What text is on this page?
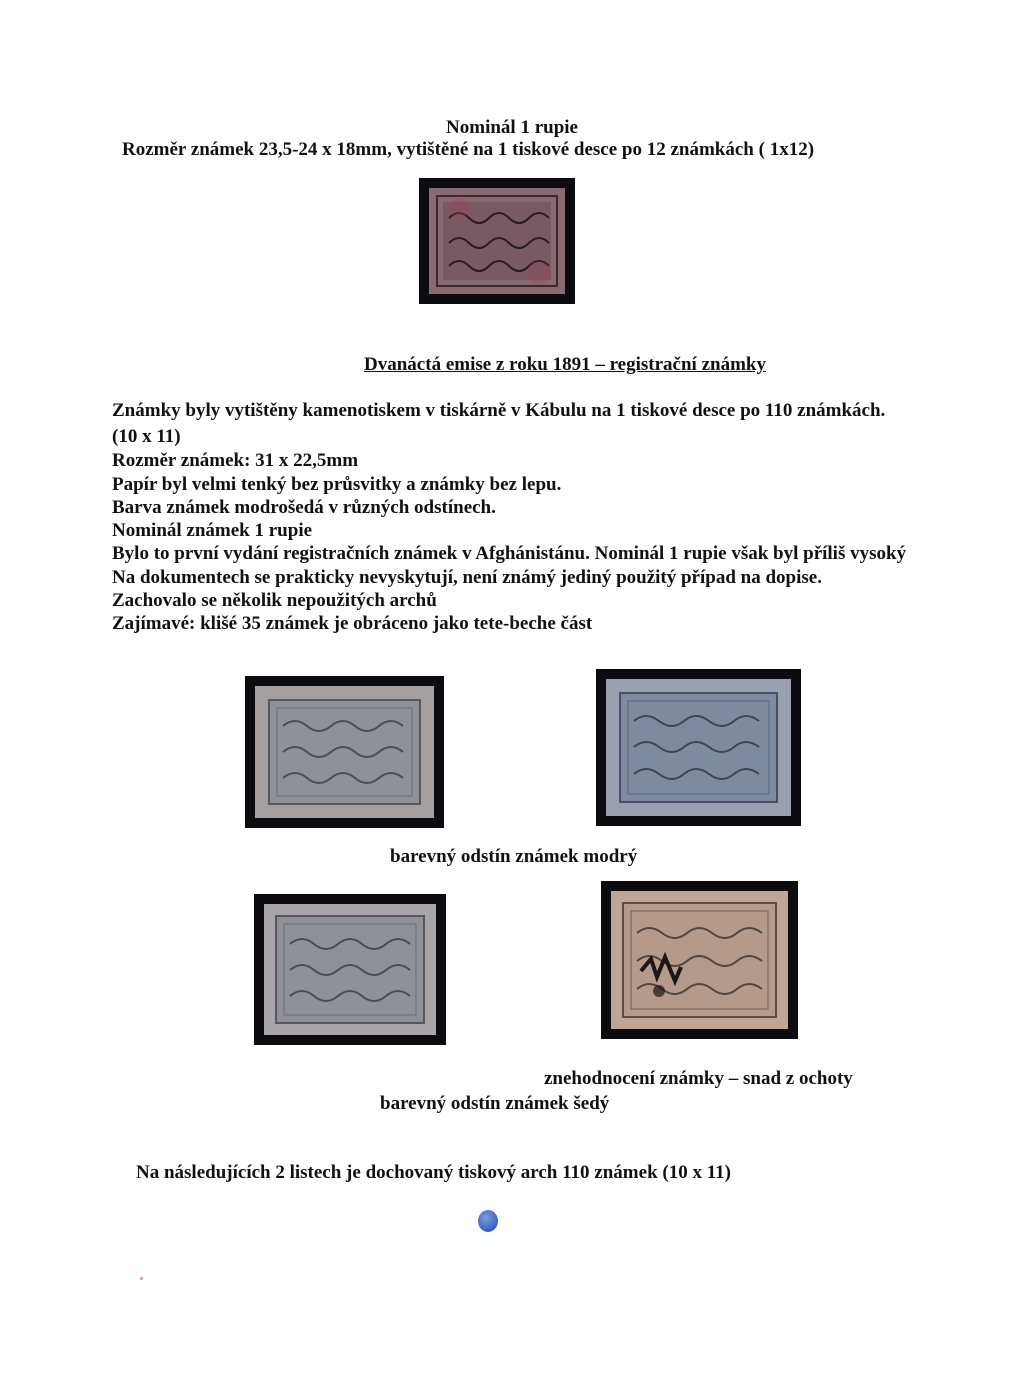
Nominál 1 rupie
Rozměr známek 23,5-24 x 18mm, vytištěné na 1 tiskové desce po 12 známkách ( 1x12)
Dvanáctá emise z roku 1891 – registrační známky
Známky byly vytištěny kamenotiskem v tiskárně v Kábulu na 1 tiskové desce po 110 známkách.
(10 x 11)
Rozměr známek: 31 x 22,5mm
Papír byl velmi tenký bez průsvitky a známky bez lepu.
Barva známek modrošedá v různých odstínech.
Nominál známek 1 rupie
Bylo to první vydání registračních známek v Afghánistánu. Nominál 1 rupie však byl příliš vysoký
Na dokumentech se prakticky nevyskytují, není známý jediný použitý případ na dopise.
Zachovalo se několik nepoužitých archů
Zajímavé: klišé 35 známek je obráceno jako tete-beche část
barevný odstín známek modrý
znehodnocení známky – snad z ochoty
barevný odstín známek šedý
Na následujících 2 listech je dochovaný tiskový arch 110 známek (10 x 11)
